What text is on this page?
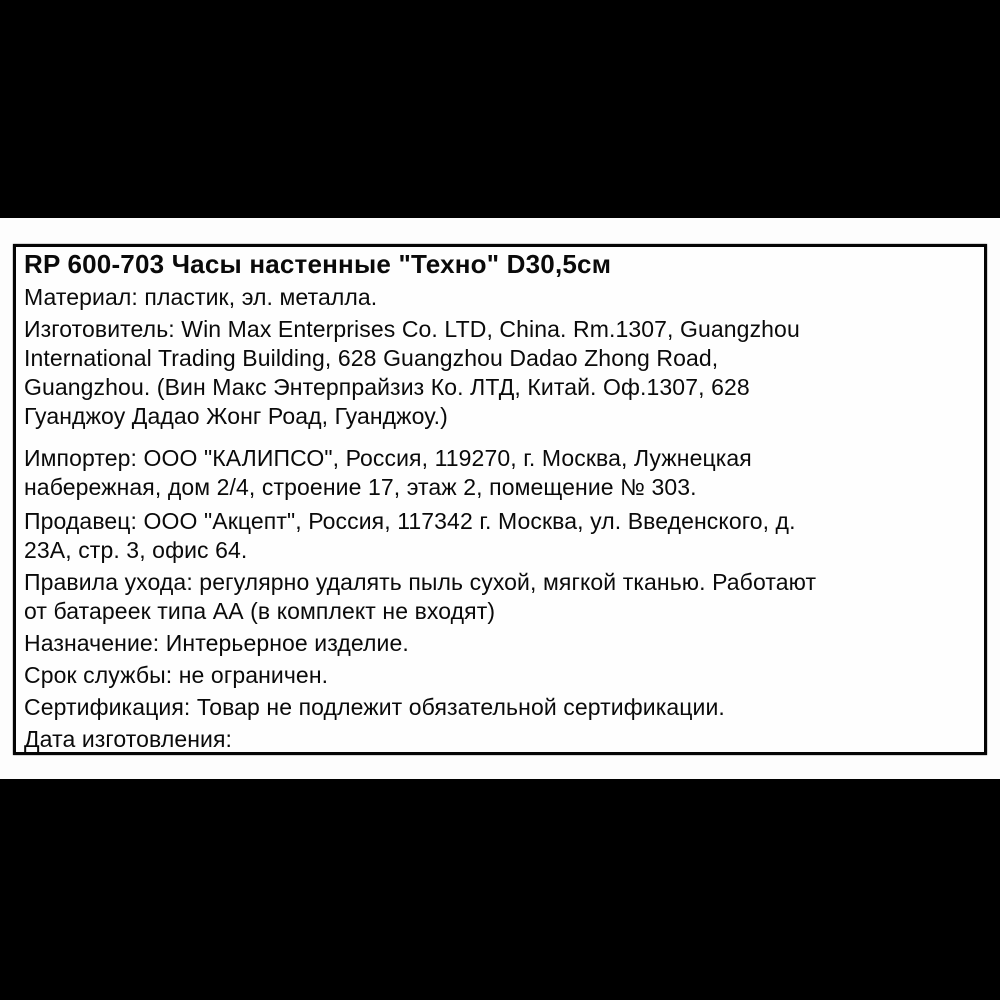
RP 600-703 Часы настенные "Техно" D30,5см

Материал: пластик, эл. металла.

Изготовитель: Win Max Enterprises Co. LTD, China. Rm.1307, Guangzhou
International Trading Building, 628 Guangzhou Dadao Zhong Road,
Guangzhou. (Вин Макс Энтерпрайзиз Ко. ЛТД, Китай. Оф.1307, 628
Гуанджоу Дадао Жонг Роад, Гуанджоу.)

Импортер: ООО "КАЛИПСО", Россия, 119270, г. Москва, Лужнецкая
набережная, дом 2/4, строение 17, этаж 2, помещение № 303.

Продавец: ООО "Акцепт", Россия, 117342 г. Москва, ул. Введенского, д.
23А, стр. 3, офис 64.

Правила ухода: регулярно удалять пыль сухой, мягкой тканью. Работают
от батареек типа АА (в комплект не входят)

Назначение: Интерьерное изделие.

Срок службы: не ограничен.

Сертификация: Товар не подлежит обязательной сертификации.

Дата изготовления:
